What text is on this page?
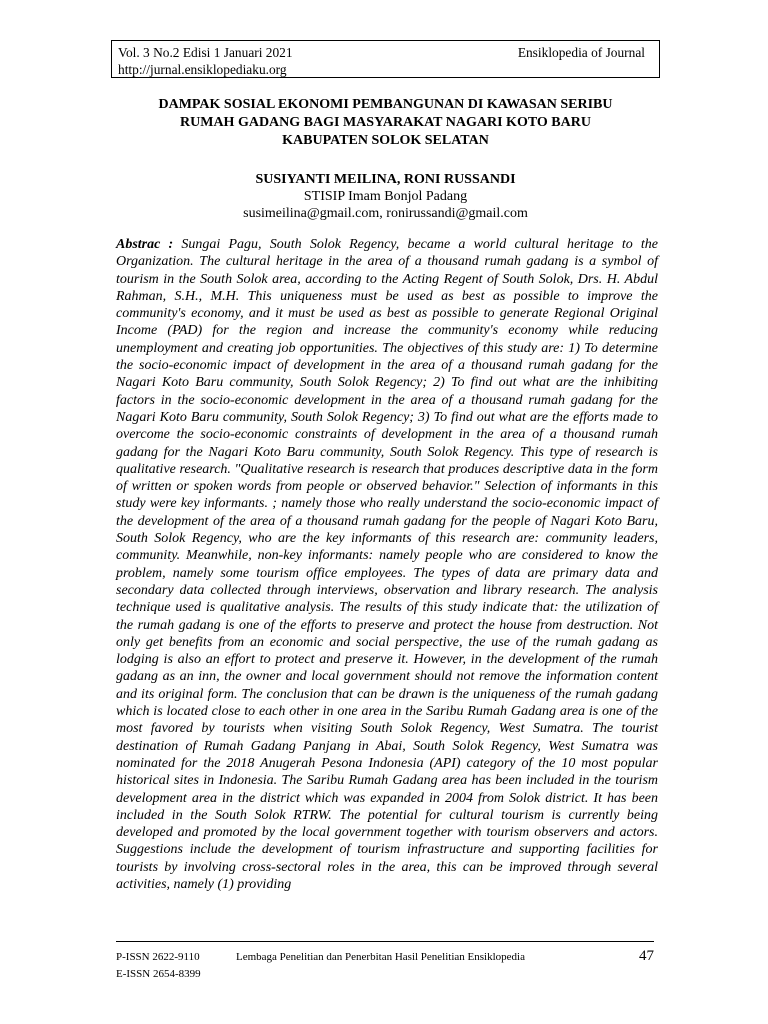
Vol. 3 No.2 Edisi 1 Januari 2021	Ensiklopedia of Journal
http://jurnal.ensiklopediaku.org
DAMPAK SOSIAL EKONOMI PEMBANGUNAN DI KAWASAN SERIBU
RUMAH GADANG BAGI MASYARAKAT NAGARI KOTO BARU
KABUPATEN SOLOK SELATAN
SUSIYANTI MEILINA, RONI RUSSANDI
STISIP Imam Bonjol Padang
susimeilina@gmail.com, ronirussandi@gmail.com

Abstrac : Sungai Pagu, South Solok Regency, became a world cultural heritage to the Organization. The cultural heritage in the area of a thousand rumah gadang is a symbol of tourism in the South Solok area, according to the Acting Regent of South Solok, Drs. H. Abdul Rahman, S.H., M.H. This uniqueness must be used as best as possible to improve the community's economy, and it must be used as best as possible to generate Regional Original Income (PAD) for the region and increase the community's economy while reducing unemployment and creating job opportunities. The objectives of this study are: 1) To determine the socio-economic impact of development in the area of a thousand rumah gadang for the Nagari Koto Baru community, South Solok Regency; 2) To find out what are the inhibiting factors in the socio-economic development in the area of a thousand rumah gadang for the Nagari Koto Baru community, South Solok Regency; 3) To find out what are the efforts made to overcome the socio-economic constraints of development in the area of a thousand rumah gadang for the Nagari Koto Baru community, South Solok Regency. This type of research is qualitative research. "Qualitative research is research that produces descriptive data in the form of written or spoken words from people or observed behavior." Selection of informants in this study were key informants. ; namely those who really understand the socio-economic impact of the development of the area of a thousand rumah gadang for the people of Nagari Koto Baru, South Solok Regency, who are the key informants of this research are: community leaders, community. Meanwhile, non-key informants: namely people who are considered to know the problem, namely some tourism office employees. The types of data are primary data and secondary data collected through interviews, observation and library research. The analysis technique used is qualitative analysis. The results of this study indicate that: the utilization of the rumah gadang is one of the efforts to preserve and protect the house from destruction. Not only get benefits from an economic and social perspective, the use of the rumah gadang as lodging is also an effort to protect and preserve it. However, in the development of the rumah gadang as an inn, the owner and local government should not remove the information content and its original form. The conclusion that can be drawn is the uniqueness of the rumah gadang which is located close to each other in one area in the Saribu Rumah Gadang area is one of the most favored by tourists when visiting South Solok Regency, West Sumatra. The tourist destination of Rumah Gadang Panjang in Abai, South Solok Regency, West Sumatra was nominated for the 2018 Anugerah Pesona Indonesia (API) category of the 10 most popular historical sites in Indonesia. The Saribu Rumah Gadang area has been included in the tourism development area in the district which was expanded in 2004 from Solok district. It has been included in the South Solok RTRW. The potential for cultural tourism is currently being developed and promoted by the local government together with tourism observers and actors. Suggestions include the development of tourism infrastructure and supporting facilities for tourists by involving cross-sectoral roles in the area, this can be improved through several activities, namely (1) providing

P-ISSN 2622-9110	Lembaga Penelitian dan Penerbitan Hasil Penelitian Ensiklopedia	47
E-ISSN 2654-8399
